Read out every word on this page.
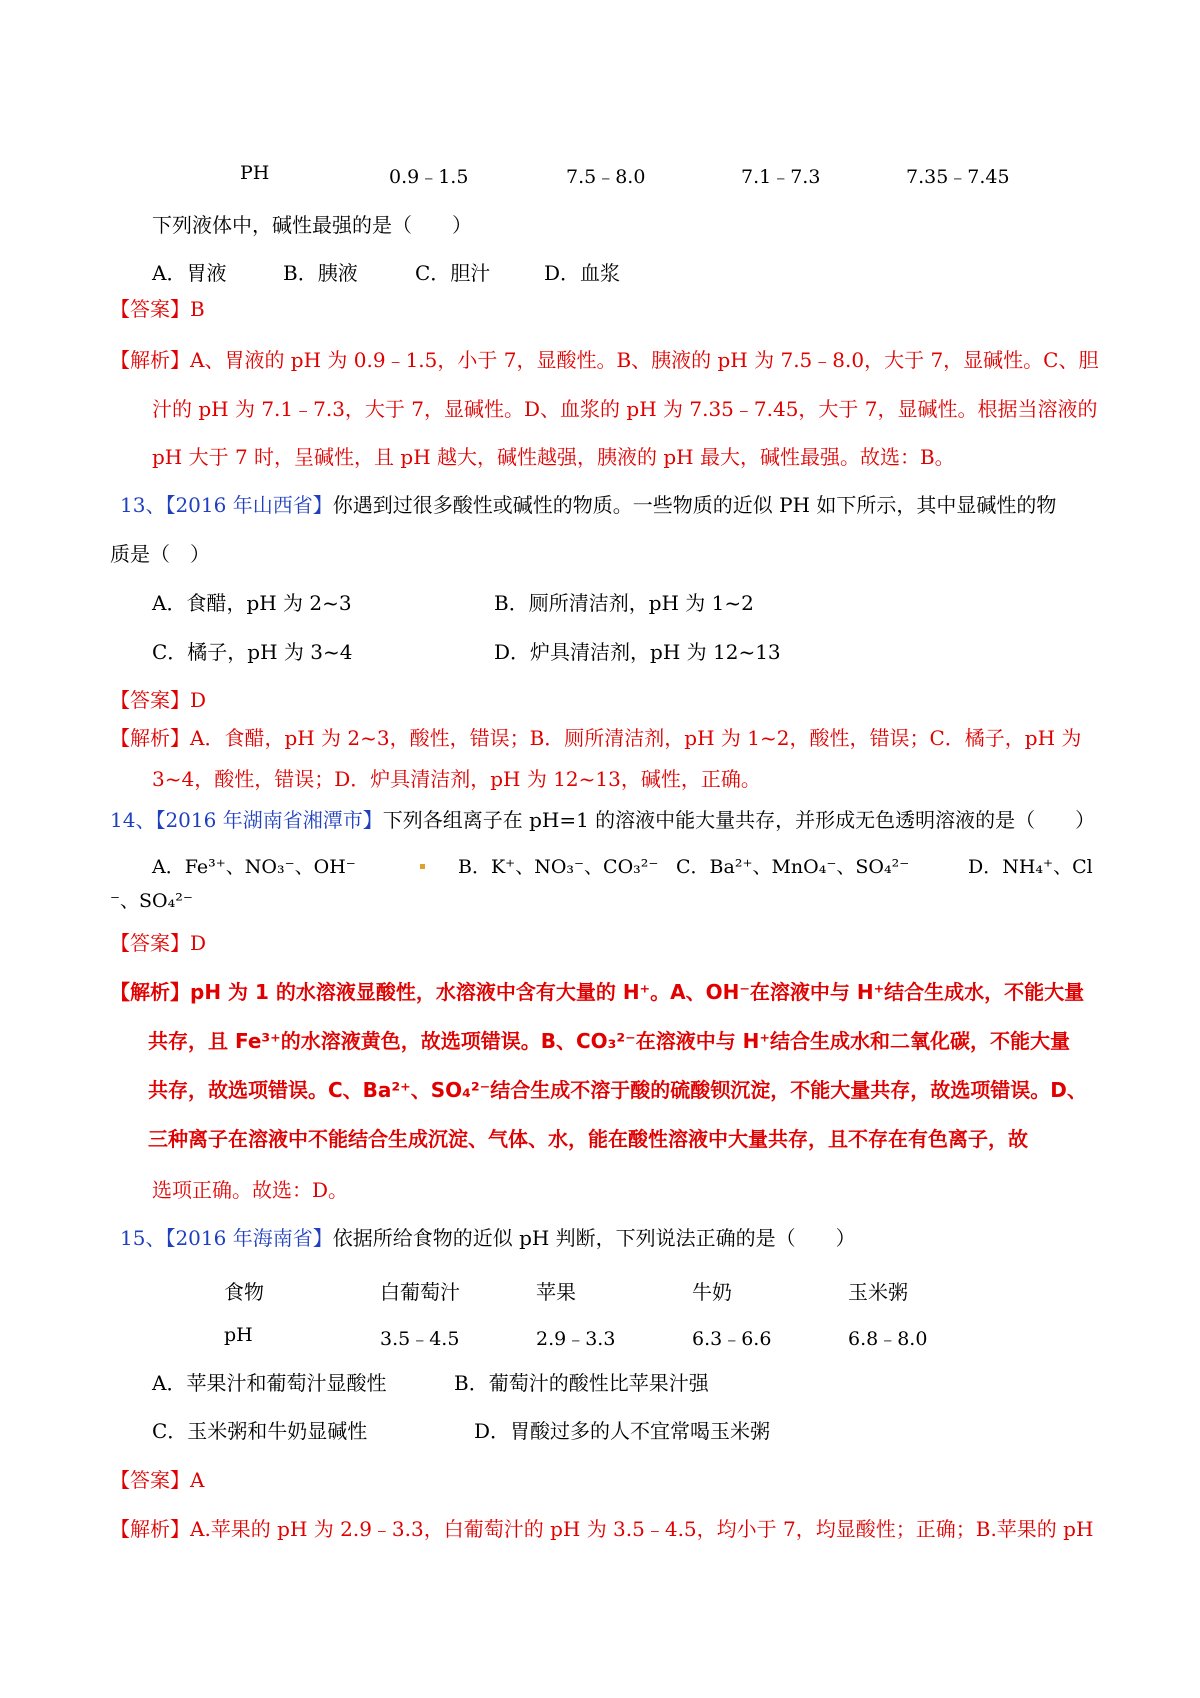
PH	0.9﹣1.5	7.5﹣8.0	7.1﹣7.3	7.35﹣7.45
下列液体中，碱性最强的是（　　）
A．胃液	B．胰液	C．胆汁	D．血浆
【答案】B
【解析】A、胃液的 pH 为 0.9﹣1.5，小于 7，显酸性。B、胰液的 pH 为 7.5﹣8.0，大于 7，显碱性。C、胆
汁的 pH 为 7.1﹣7.3，大于 7，显碱性。D、血浆的 pH 为 7.35﹣7.45，大于 7，显碱性。根据当溶液的
pH 大于 7 时，呈碱性，且 pH 越大，碱性越强，胰液的 pH 最大，碱性最强。故选：B。
13、【2016 年山西省】你遇到过很多酸性或碱性的物质。一些物质的近似 PH 如下所示，其中显碱性的物
质是（　）
A．食醋，pH 为 2~3	B．厕所清洁剂，pH 为 1~2
C．橘子，pH 为 3~4	D．炉具清洁剂，pH 为 12~13
【答案】D
【解析】A．食醋，pH 为 2~3，酸性，错误；B．厕所清洁剂，pH 为 1~2，酸性，错误；C．橘子，pH 为
3~4，酸性，错误；D．炉具清洁剂，pH 为 12~13，碱性，正确。
14、【2016 年湖南省湘潭市】下列各组离子在 pH=1 的溶液中能大量共存，并形成无色透明溶液的是（　　）
A．Fe³⁺、NO₃⁻、OH⁻	B．K⁺、NO₃⁻、CO₃²⁻ C．Ba²⁺、MnO₄⁻、SO₄²⁻	D．NH₄⁺、Cl
⁻、SO₄²⁻
【答案】D
【解析】pH 为 1 的水溶液显酸性，水溶液中含有大量的 H⁺。A、OH⁻在溶液中与 H⁺结合生成水，不能大量
共存，且 Fe³⁺的水溶液黄色，故选项错误。B、CO₃²⁻在溶液中与 H⁺结合生成水和二氧化碳，不能大量
共存，故选项错误。C、Ba²⁺、SO₄²⁻结合生成不溶于酸的硫酸钡沉淀，不能大量共存，故选项错误。D、
三种离子在溶液中不能结合生成沉淀、气体、水，能在酸性溶液中大量共存，且不存在有色离子，故
选项正确。故选：D。
15、【2016 年海南省】依据所给食物的近似 pH 判断，下列说法正确的是（　　）
食物	白葡萄汁	苹果	牛奶	玉米粥
pH	3.5﹣4.5	2.9﹣3.3	6.3﹣6.6	6.8﹣8.0
A．苹果汁和葡萄汁显酸性	B．葡萄汁的酸性比苹果汁强
C．玉米粥和牛奶显碱性	D．胃酸过多的人不宜常喝玉米粥
【答案】A
【解析】A.苹果的 pH 为 2.9﹣3.3，白葡萄汁的 pH 为 3.5﹣4.5，均小于 7，均显酸性；正确；B.苹果的 pH
